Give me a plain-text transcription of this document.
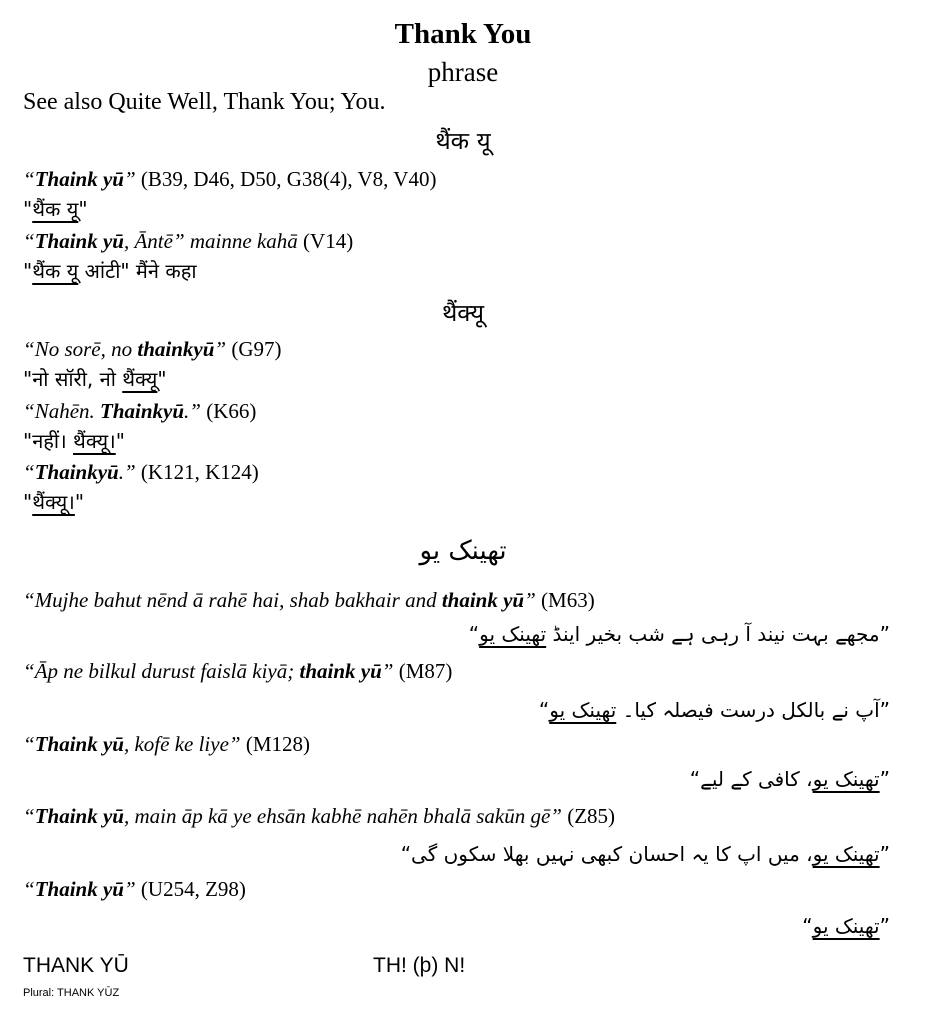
Thank You
phrase
See also Quite Well, Thank You; You.
थैंक यू
“Thaink yū” (B39, D46, D50, G38(4), V8, V40)
"थैंक यू"
“Thaink yū, Āntē” mainne kahā (V14)
"थैंक यू आंटी" मैंने कहा
थैंक्यू
“No sorē, no thainkyū” (G97)
"नो सॉरी, नो थैंक्यू"
“Nahēn. Thainkyū.” (K66)
"नहीं। थैंक्यू।"
“Thainkyū.” (K121, K124)
"थैंक्यू।"
تھینک یو
“Mujhe bahut nēnd ā rahē hai, shab bakhair and thaink yū” (M63)
”مجھے بہت نیند آ رہی ہے شب بخیر اینڈ تھینک یو“
“Āp ne bilkul durust faislā kiyā; thaink yū” (M87)
”آپ نے بالکل درست فیصلہ کیا۔ تھینک یو“
“Thaink yū, kofē ke liye” (M128)
”تھینک یو، کافی کے لیے“
“Thaink yū, main āp kā ye ehsān kabhē nahēn bhalā sakūn gē” (Z85)
”تھینک یو، میں اپ کا یہ احسان کبھی نہیں بھلا سکوں گی“
“Thaink yū” (U254, Z98)
”تھینک یو“
THANK YŪ
Plural: THANK YŪZ
TH! (þ) N!
